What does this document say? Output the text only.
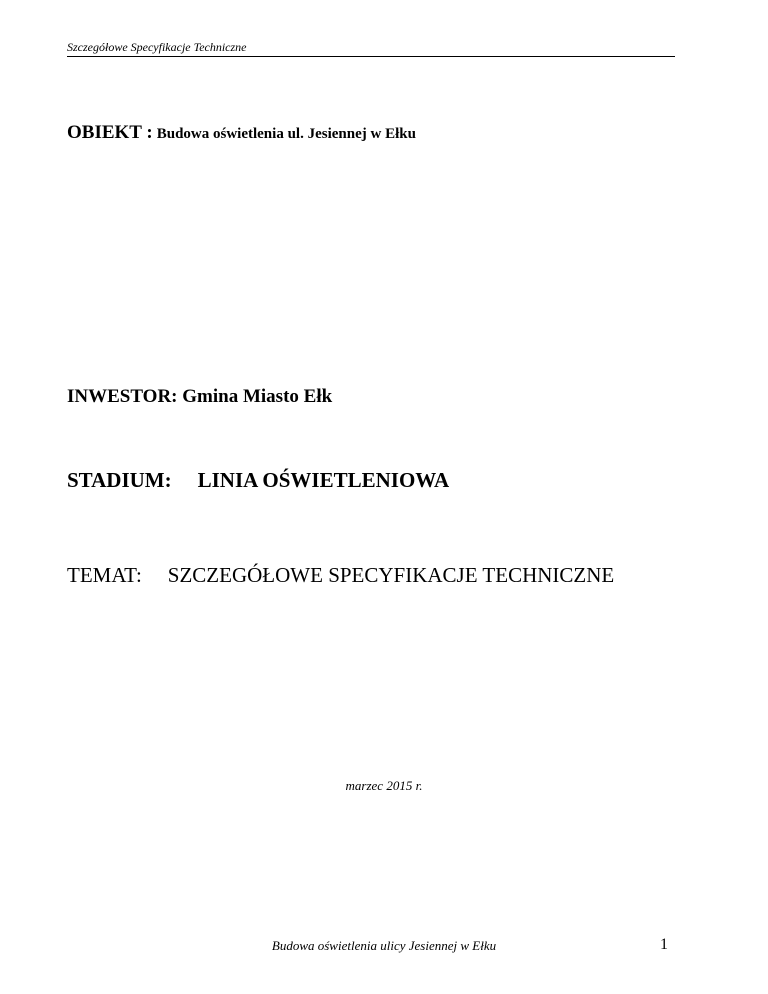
Szczegółowe Specyfikacje Techniczne
OBIEKT : Budowa oświetlenia ul. Jesiennej w Ełku
INWESTOR: Gmina Miasto Ełk
STADIUM: LINIA OŚWIETLENIOWA
TEMAT: SZCZEGÓŁOWE SPECYFIKACJE TECHNICZNE
marzec 2015 r.
Budowa oświetlenia ulicy Jesiennej w Ełku	1
